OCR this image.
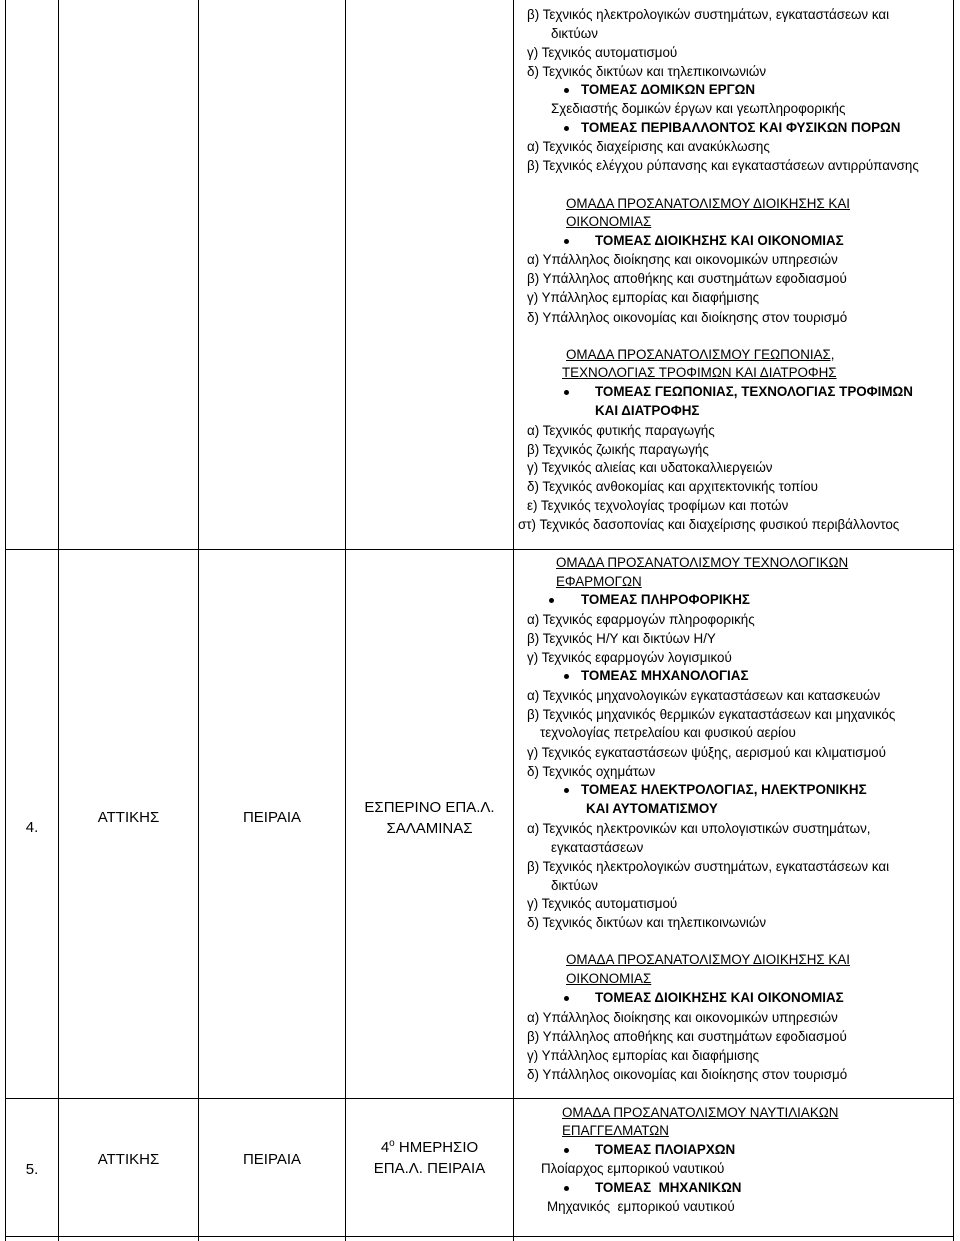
4.
ΑΤΤΙΚΗΣ	ΠΕΙΡΑΙΑ
ΕΣΠΕΡΙΝΟ ΕΠΑ.Λ.
ΣΑΛΑΜΙΝΑΣ
5.
ΑΤΤΙΚΗΣ	ΠΕΙΡΑΙΑ
$4^o$ ΗΜΕΡΗΣΙΟ
ΕΠΑ.Λ. ΠΕΙΡΑΙΑ
β) Τεχνικός ηλεκτρολογικών συστημάτων, εγκαταστάσεων και
δικτύων
γ) Τεχνικός αυτοματισμού
δ) Τεχνικός δικτύων και τηλεπικοινωνιών
ΤΟΜΕΑΣ ΔΟΜΙΚΩΝ ΕΡΓΩΝ
Σχεδιαστής δομικών έργων και γεωπληροφορικής
ΤΟΜΕΑΣ ΠΕΡΙΒΑΛΛΟΝΤΟΣ ΚΑΙ ΦΥΣΙΚΩΝ ΠΟΡΩΝ
α) Τεχνικός διαχείρισης και ανακύκλωσης
β) Τεχνικός ελέγχου ρύπανσης και εγκαταστάσεων αντιρρύπανσης
ΟΜΑΔΑ ΠΡΟΣΑΝΑΤΟΛΙΣΜΟΥ ΔΙΟΙΚΗΣΗΣ ΚΑΙ
ΟΙΚΟΝΟΜΙΑΣ
ΤΟΜΕΑΣ ΔΙΟΙΚΗΣΗΣ ΚΑΙ ΟΙΚΟΝΟΜΙΑΣ
α) Υπάλληλος διοίκησης και οικονομικών υπηρεσιών
β) Υπάλληλος αποθήκης και συστημάτων εφοδιασμού
γ) Υπάλληλος εμπορίας και διαφήμισης
δ) Υπάλληλος οικονομίας και διοίκησης στον τουρισμό
ΟΜΑΔΑ ΠΡΟΣΑΝΑΤΟΛΙΣΜΟΥ ΓΕΩΠΟΝΙΑΣ,
ΤΕΧΝΟΛΟΓΙΑΣ ΤΡΟΦΙΜΩΝ ΚΑΙ ΔΙΑΤΡΟΦΗΣ
ΤΟΜΕΑΣ ΓΕΩΠΟΝΙΑΣ, ΤΕΧΝΟΛΟΓΙΑΣ ΤΡΟΦΙΜΩΝ
ΚΑΙ ΔΙΑΤΡΟΦΗΣ
α) Τεχνικός φυτικής παραγωγής
β) Τεχνικός ζωικής παραγωγής
γ) Τεχνικός αλιείας και υδατοκαλλιεργειών
δ) Τεχνικός ανθοκομίας και αρχιτεκτονικής τοπίου
ε) Τεχνικός τεχνολογίας τροφίμων και ποτών
στ) Τεχνικός δασοπονίας και διαχείρισης φυσικού περιβάλλοντος
ΟΜΑΔΑ ΠΡΟΣΑΝΑΤΟΛΙΣΜΟΥ ΤΕΧΝΟΛΟΓΙΚΩΝ
ΕΦΑΡΜΟΓΩΝ
ΤΟΜΕΑΣ ΠΛΗΡΟΦΟΡΙΚΗΣ
α) Τεχνικός εφαρμογών πληροφορικής
β) Τεχνικός Η/Υ και δικτύων Η/Υ
γ) Τεχνικός εφαρμογών λογισμικού
ΤΟΜΕΑΣ ΜΗΧΑΝΟΛΟΓΙΑΣ
α) Τεχνικός μηχανολογικών εγκαταστάσεων και κατασκευών
β) Τεχνικός μηχανικός θερμικών εγκαταστάσεων και μηχανικός
τεχνολογίας πετρελαίου και φυσικού αερίου
γ) Τεχνικός εγκαταστάσεων ψύξης, αερισμού και κλιματισμού
δ) Τεχνικός οχημάτων
ΤΟΜΕΑΣ ΗΛΕΚΤΡΟΛΟΓΙΑΣ, ΗΛΕΚΤΡΟΝΙΚΗΣ
ΚΑΙ ΑΥΤΟΜΑΤΙΣΜΟΥ
α) Τεχνικός ηλεκτρονικών και υπολογιστικών συστημάτων,
εγκαταστάσεων
β) Τεχνικός ηλεκτρολογικών συστημάτων, εγκαταστάσεων και
δικτύων
γ) Τεχνικός αυτοματισμού
δ) Τεχνικός δικτύων και τηλεπικοινωνιών
ΟΜΑΔΑ ΠΡΟΣΑΝΑΤΟΛΙΣΜΟΥ ΔΙΟΙΚΗΣΗΣ ΚΑΙ
ΟΙΚΟΝΟΜΙΑΣ
ΤΟΜΕΑΣ ΔΙΟΙΚΗΣΗΣ ΚΑΙ ΟΙΚΟΝΟΜΙΑΣ
α) Υπάλληλος διοίκησης και οικονομικών υπηρεσιών
β) Υπάλληλος αποθήκης και συστημάτων εφοδιασμού
γ) Υπάλληλος εμπορίας και διαφήμισης
δ) Υπάλληλος οικονομίας και διοίκησης στον τουρισμό
ΟΜΑΔΑ ΠΡΟΣΑΝΑΤΟΛΙΣΜΟΥ ΝΑΥΤΙΛΙΑΚΩΝ
ΕΠΑΓΓΕΛΜΑΤΩΝ
ΤΟΜΕΑΣ ΠΛΟΙΑΡΧΩΝ
Πλοίαρχος εμπορικού ναυτικού
ΤΟΜΕΑΣ  ΜΗΧΑΝΙΚΩΝ
Μηχανικός  εμπορικού ναυτικού
